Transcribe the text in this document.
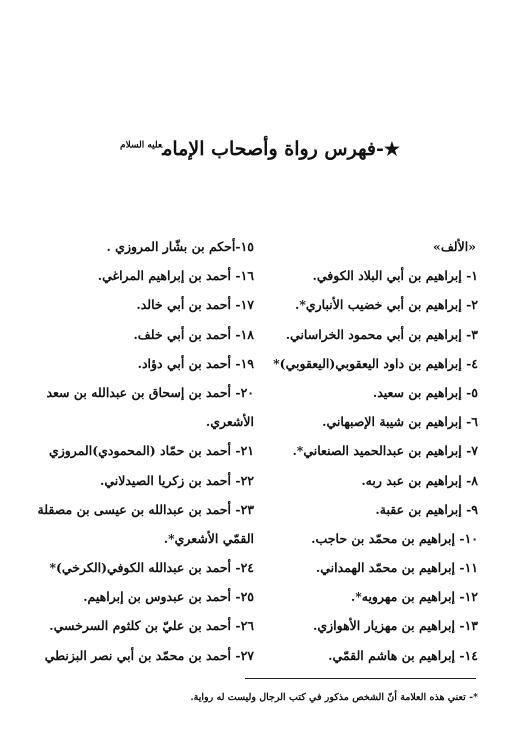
★-فهرس رواة وأصحاب الإمام$^{عليه السلام}$
«الألف»
١- إبراهيم بن أبي البلاد الكوفي.
٢- إبراهيم بن أبي خضيب الأنباري*.
٣- إبراهيم بن أبي محمود الخراساني.
٤- إبراهيم بن داود اليعقوبي(اليعقوبي)*
٥- إبراهيم بن سعيد.
٦- إبراهيم بن شيبة الإصبهاني.
٧- إبراهيم بن عبدالحميد الصنعاني*.
٨- إبراهيم بن عبد ربه.
٩- إبراهيم بن عقبة.
١٠- إبراهيم بن محمّد بن حاجب.
١١- إبراهيم بن محمّد الهمداني.
١٢- إبراهيم بن مهرويه*.
١٣- إبراهيم بن مهزيار الأهوازي.
١٤- إبراهيم بن هاشم القمّي.
١٥-أحكم بن بشّار المروزي .
١٦- أحمد بن إبراهيم المراغي.
١٧- أحمد بن أبي خالد.
١٨- أحمد بن أبي خلف.
١٩- أحمد بن أبي دؤاد.
٢٠- أحمد بن إسحاق بن عبدالله بن سعد
الأشعري.
٢١- أحمد بن حمّاد (المحمودي)المروزي
٢٢- أحمد بن زكريا الصيدلاني.
٢٣- أحمد بن عبدالله بن عيسى بن مصقلة
القمّي الأشعري*.
٢٤- أحمد بن عبدالله الكوفي(الكرخي)*
٢٥- أحمد بن عبدوس بن إبراهيم.
٢٦- أحمد بن عليّ بن كلثوم السرخسي.
٢٧- أحمد بن محمّد بن أبي نصر البزنطي
*- تعني هذه العلامة أنّ الشخص مذكور في كتب الرجال وليست له رواية.
